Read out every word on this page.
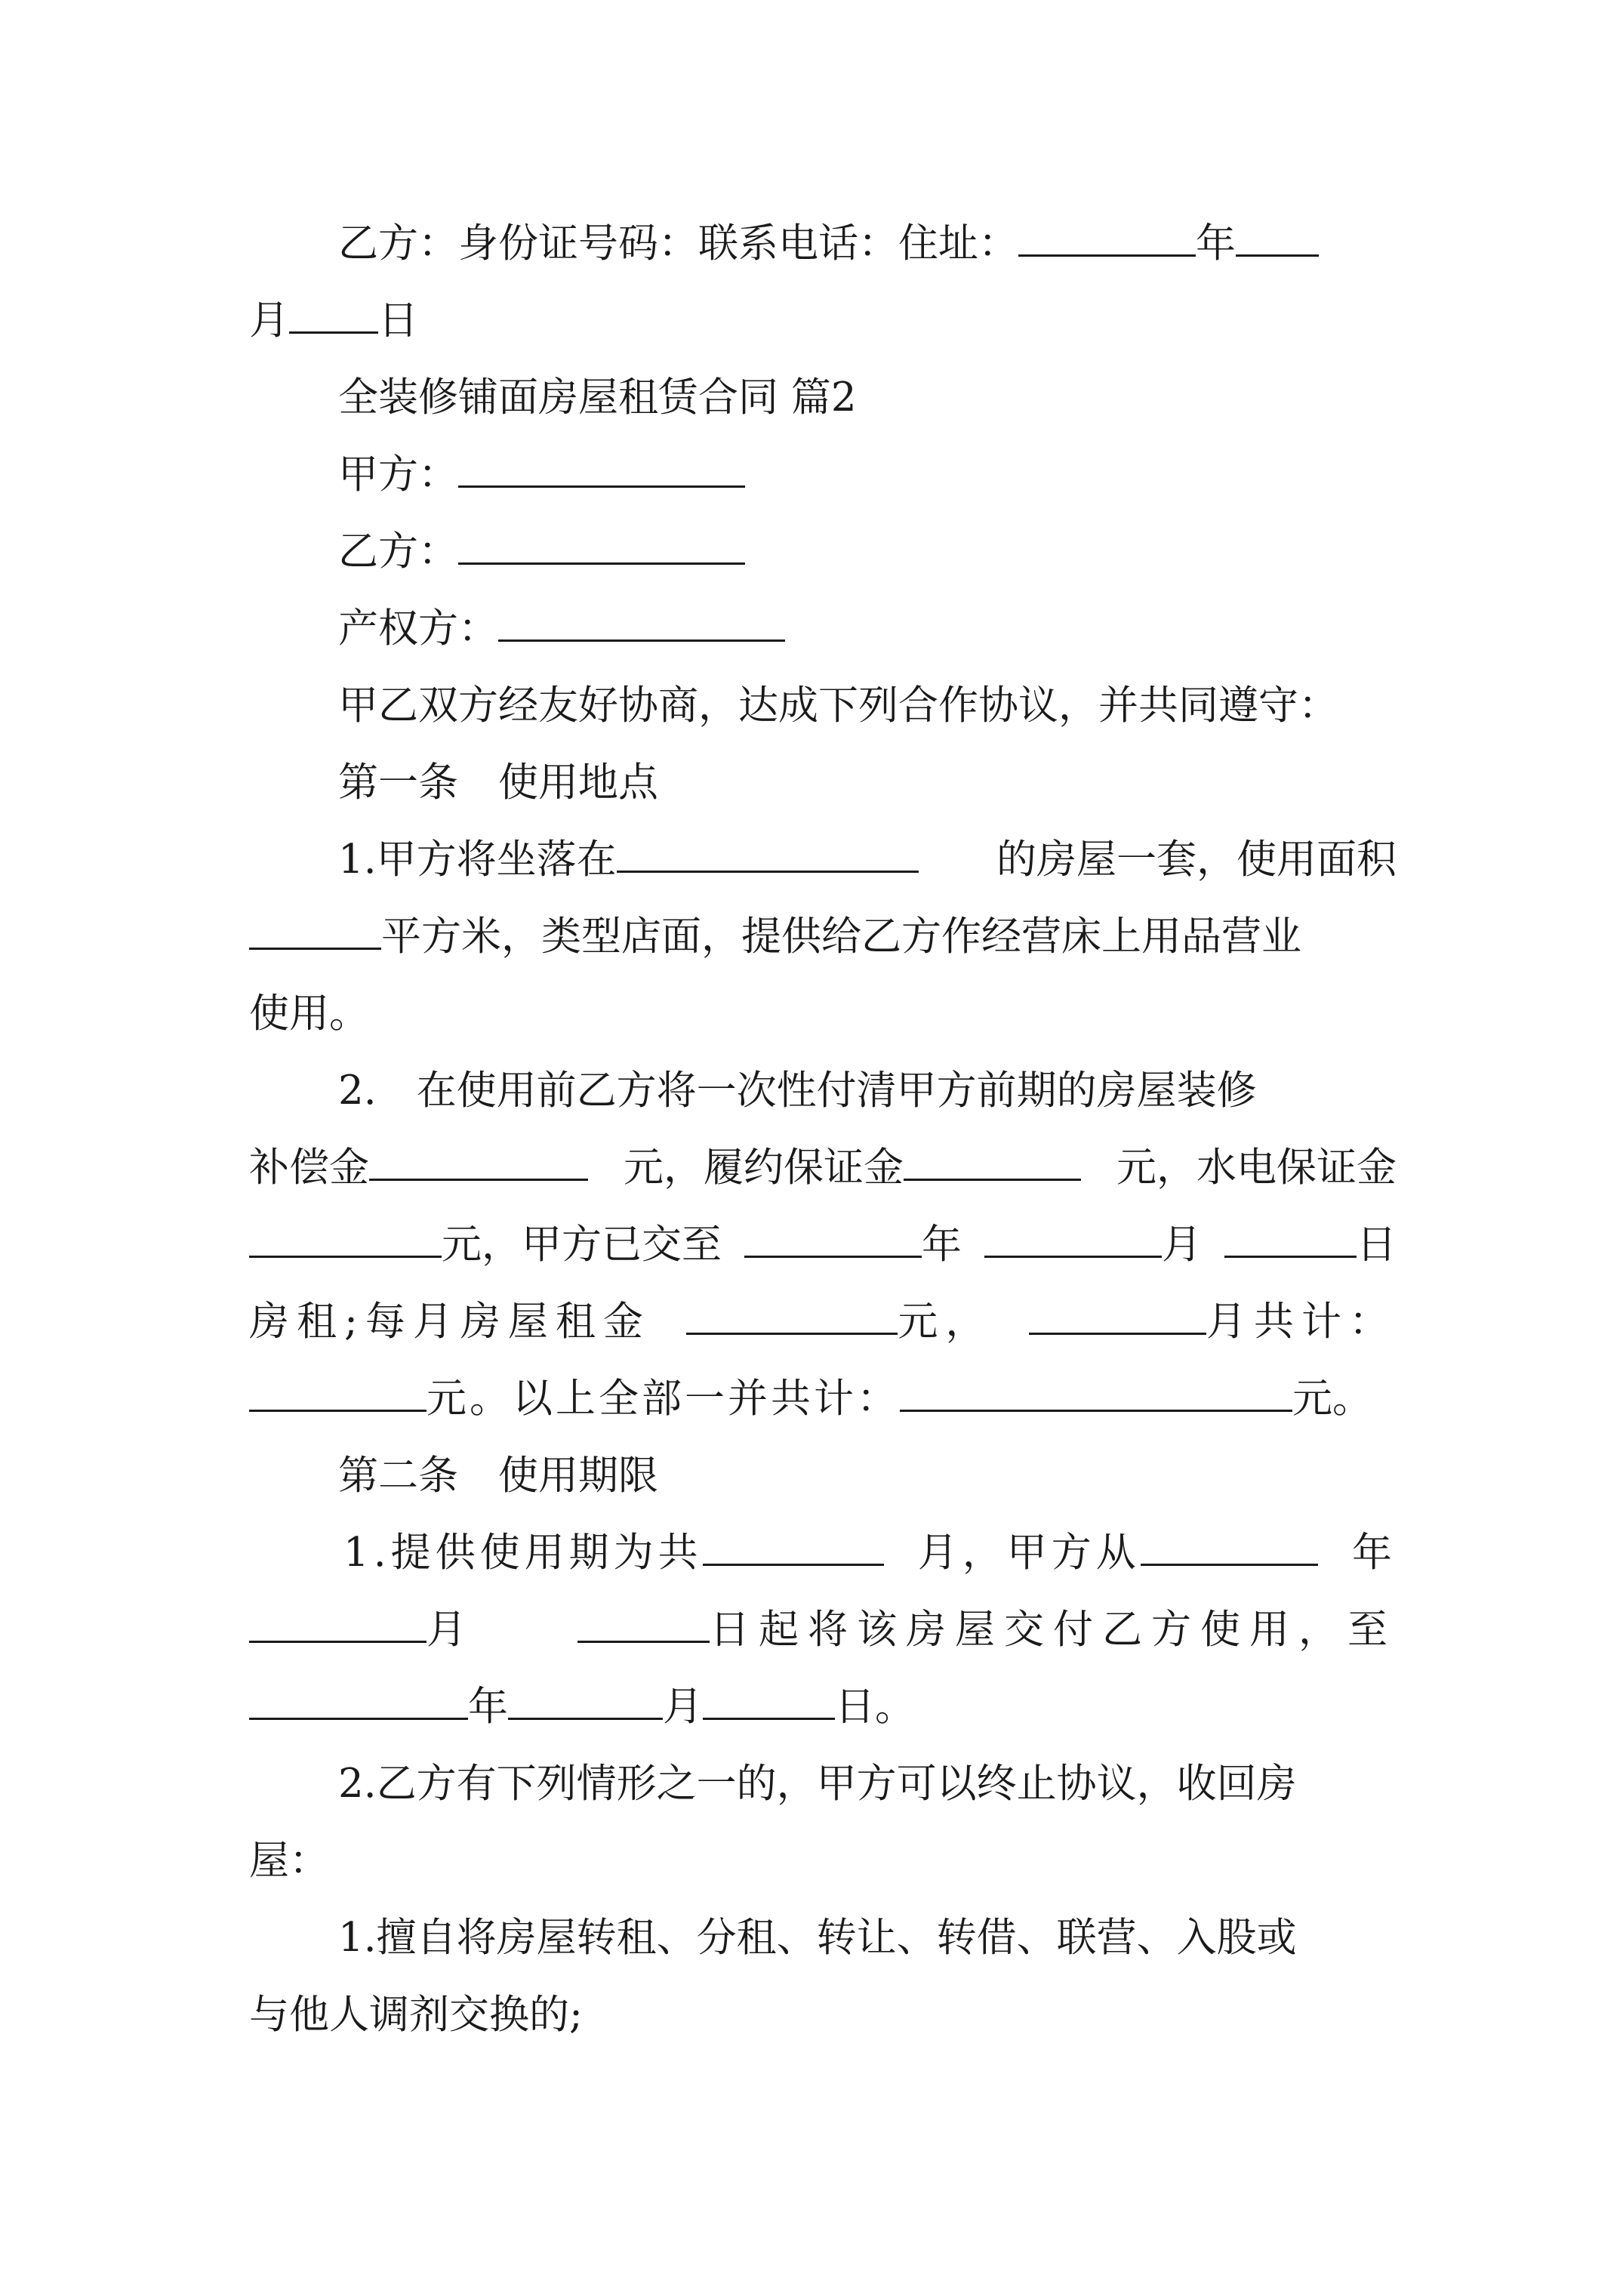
乙方：身份证号码：联系电话：住址：	年
月 日
全装修铺面房屋租赁合同 篇2
甲方：
乙方：
产权方：
甲乙双方经友好协商，达成下列合作协议，并共同遵守：
第一条　使用地点
1.甲方将坐落在	的房屋一套，使用面积
平方米，类型店面，提供给乙方作经营床上用品营业
使用。
2.　在使用前乙方将一次性付清甲方前期的房屋装修
补偿金	元，履约保证金	元，水电保证金
元，甲方已交至	年	月	日
房租;每月房屋租金	元，	月共计：
元。以上全部一并共计：	元。
第二条　使用期限
1.提供使用期为共	月，甲方从	年
月	日起将该房屋交付乙方使用，至
年	月	日。
2.乙方有下列情形之一的，甲方可以终止协议，收回房
屋：
1.擅自将房屋转租、分租、转让、转借、联营、入股或
与他人调剂交换的;
